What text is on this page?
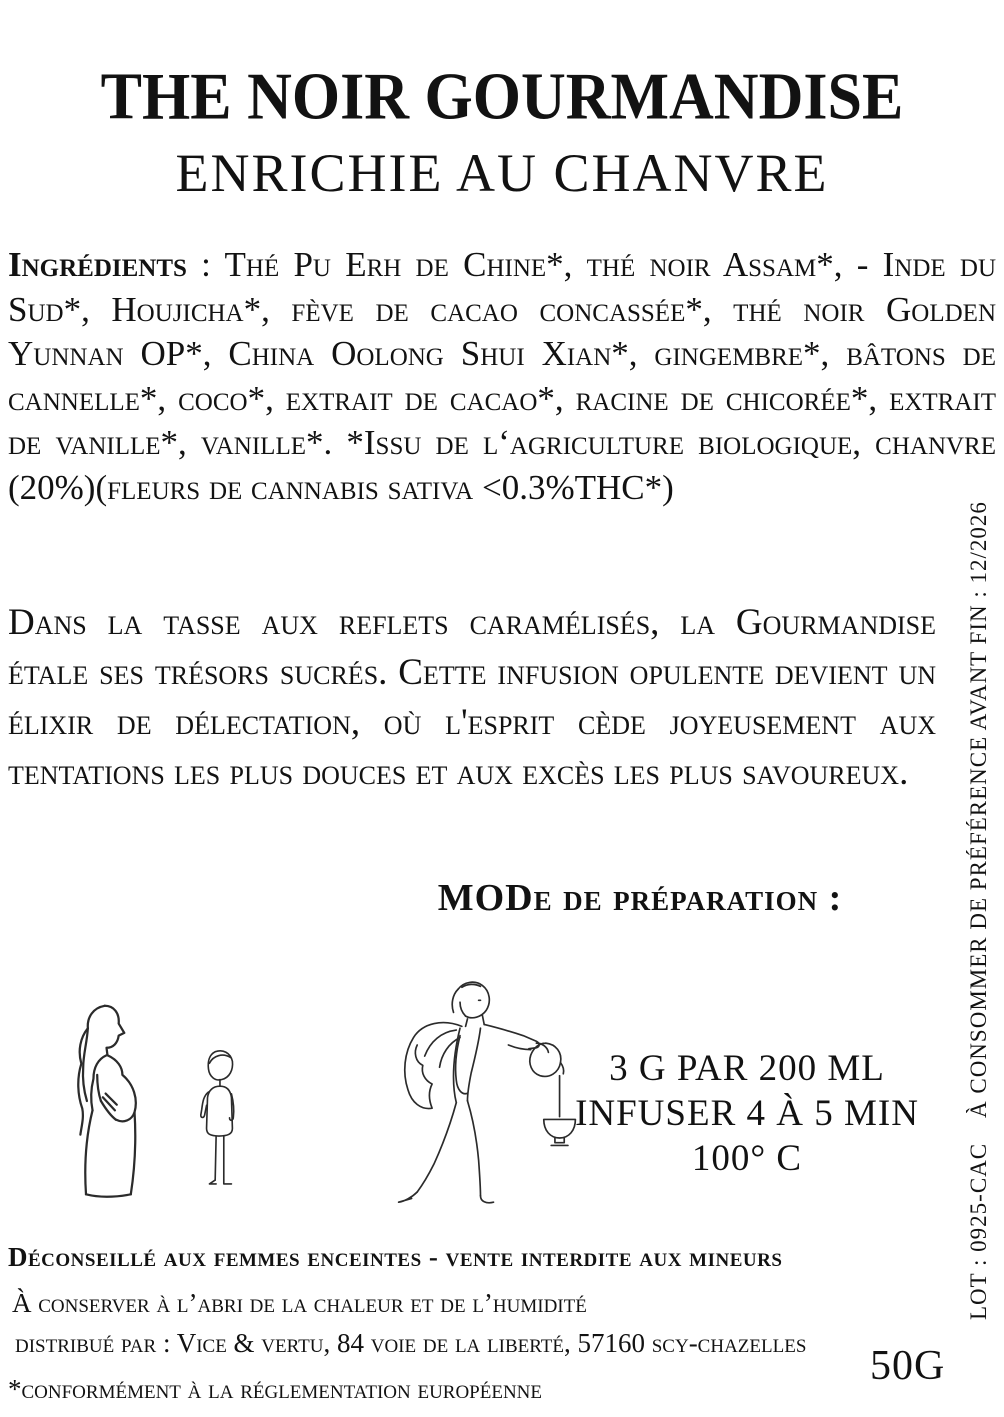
THE NOIR GOURMANDISE
ENRICHIE AU CHANVRE

Ingrédients : Thé Pu Erh de Chine*, thé noir Assam*, - Inde du Sud*, Houjicha*, fève de cacao concassée*, thé noir Golden Yunnan OP*, China Oolong Shui Xian*, gingembre*, bâtons de cannelle*, coco*, extrait de cacao*, racine de chicorée*, extrait de vanille*, vanille*. *Issu de l‘agriculture biologique, chanvre (20%)(fleurs de cannabis sativa <0.3%THC*)

Dans la tasse aux reflets caramélisés, la Gourmandise étale ses trésors sucrés. Cette infusion opulente devient un élixir de délectation, où l'esprit cède joyeusement aux tentations les plus douces et aux excès les plus savoureux.

MODe de préparation :
3 G PAR 200 ML
INFUSER 4 À 5 MIN
100° C
Déconseillé aux femmes enceintes - vente interdite aux mineurs
À conserver à l’abri de la chaleur et de l’humidité
distribué par : Vice & vertu, 84 voie de la liberté, 57160 scy-chazelles
*conformément à la réglementation européenne
À CONSOMMER DE PRÉFÉRENCE AVANT FIN : 12/2026
LOT : 0925-CAC
50G
